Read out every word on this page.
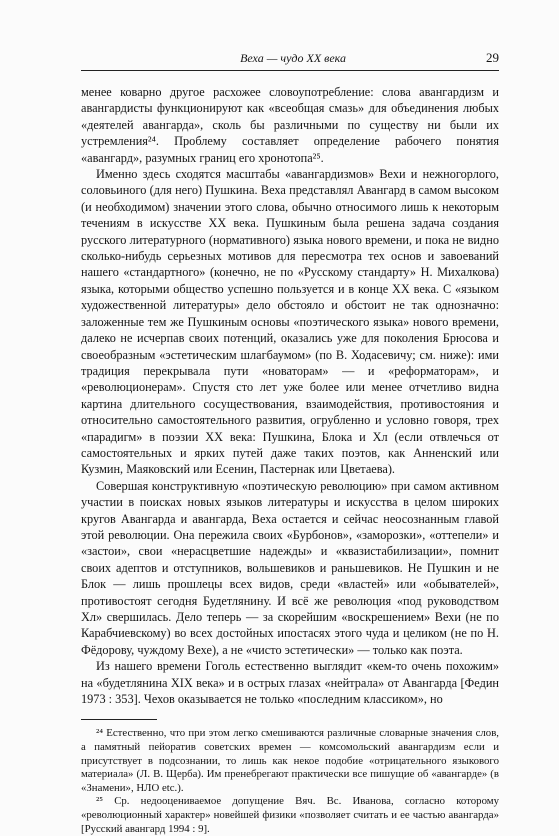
Веха — чудо XX века	29

менее коварно другое расхожее словоупотребление: слова авангардизм и авангардисты функционируют как «всеобщая смазь» для объединения любых «деятелей авангарда», сколь бы различными по существу ни были их устремления²⁴. Проблему составляет определение рабочего понятия «авангард», разумных границ его хронотопа²⁵.

Именно здесь сходятся масштабы «авангардизмов» Вехи и нежногорлого, соловьиного (для него) Пушкина. Веха представлял Авангард в самом высоком (и необходимом) значении этого слова, обычно относимого лишь к некоторым течениям в искусстве XX века. Пушкиным была решена задача создания русского литературного (нормативного) языка нового времени, и пока не видно сколько-нибудь серьезных мотивов для пересмотра тех основ и завоеваний нашего «стандартного» (конечно, не по «Русскому стандарту» Н. Михалкова) языка, которыми общество успешно пользуется и в конце XX века. С «языком художественной литературы» дело обстояло и обстоит не так однозначно: заложенные тем же Пушкиным основы «поэтического языка» нового времени, далеко не исчерпав своих потенций, оказались уже для поколения Брюсова и своеобразным «эстетическим шлагбаумом» (по В. Ходасевичу; см. ниже): ими традиция перекрывала пути «новаторам» — и «реформаторам», и «революционерам». Спустя сто лет уже более или менее отчетливо видна картина длительного сосуществования, взаимодействия, противостояния и относительно самостоятельного развития, огрубленно и условно говоря, трех «парадигм» в поэзии XX века: Пушкина, Блока и Хл (если отвлечься от самостоятельных и ярких путей даже таких поэтов, как Анненский или Кузмин, Маяковский или Есенин, Пастернак или Цветаева).

Совершая конструктивную «поэтическую революцию» при самом активном участии в поисках новых языков литературы и искусства в целом широких кругов Авангарда и авангарда, Веха остается и сейчас неосознанным главой этой революции. Она пережила своих «Бурбонов», «заморозки», «оттепели» и «застои», свои «нерасцветшие надежды» и «квазистабилизации», помнит своих адептов и отступников, вольшевиков и раньшевиков. Не Пушкин и не Блок — лишь прошлецы всех видов, среди «властей» или «обывателей», противостоят сегодня Будетлянину. И всё же революция «под руководством Хл» свершилась. Дело теперь — за скорейшим «воскрешением» Вехи (не по Карабчиевскому) во всех достойных ипостасях этого чуда и целиком (не по Н. Фёдорову, чуждому Вехе), а не «чисто эстетически» — только как поэта.

Из нашего времени Гоголь естественно выглядит «кем-то очень похожим» на «будетлянина XIX века» и в острых глазах «нейтрала» от Авангарда [Федин 1973 : 353]. Чехов оказывается не только «последним классиком», но

²⁴ Естественно, что при этом легко смешиваются различные словарные значения слов, а памятный пейоратив советских времен — комсомольский авангардизм если и присутствует в подсознании, то лишь как некое подобие «отрицательного языкового материала» (Л. В. Щерба). Им пренебрегают практически все пишущие об «авангарде» (в «Знамени», НЛО etc.).

²⁵ Ср. недооцениваемое допущение Вяч. Вс. Иванова, согласно которому «революционный характер» новейшей физики «позволяет считать и ее частью авангарда» [Русский авангард 1994 : 9].
